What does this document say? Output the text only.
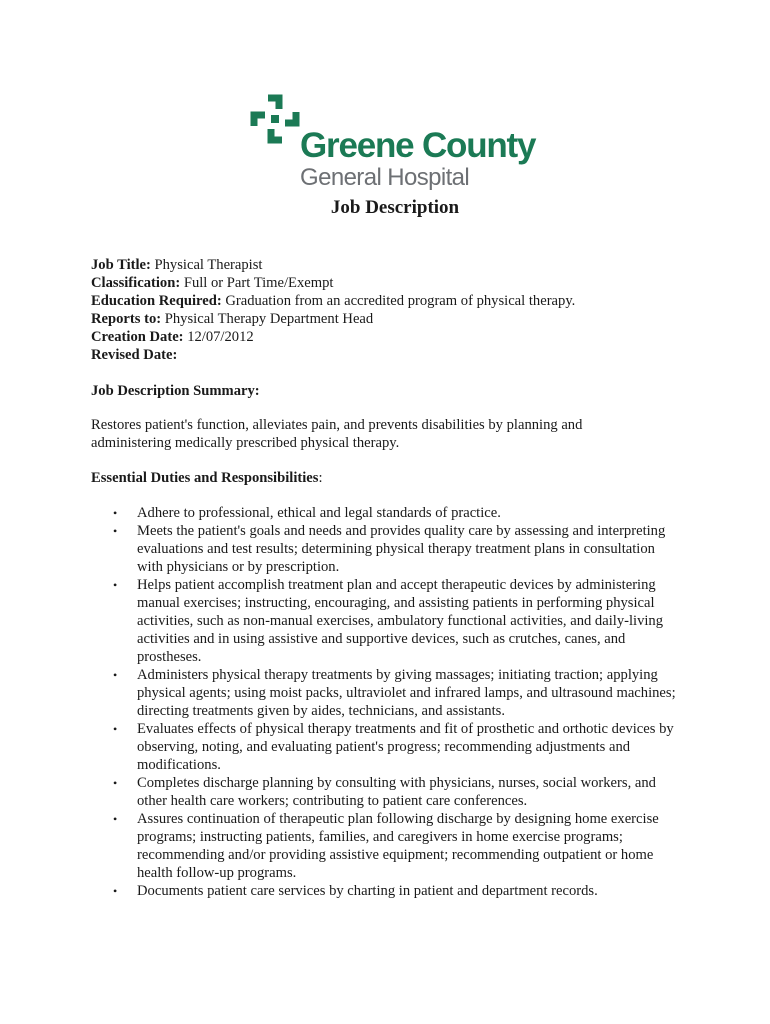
Greene County
General Hospital
Job Description
Job Title: Physical Therapist
Classification: Full or Part Time/Exempt
Education Required: Graduation from an accredited program of physical therapy.
Reports to: Physical Therapy Department Head
Creation Date: 12/07/2012
Revised Date:
Job Description Summary:
Restores patient's function, alleviates pain, and prevents disabilities by planning and administering medically prescribed physical therapy.
Essential Duties and Responsibilities:
• Adhere to professional, ethical and legal standards of practice.
• Meets the patient's goals and needs and provides quality care by assessing and interpreting evaluations and test results; determining physical therapy treatment plans in consultation with physicians or by prescription.
• Helps patient accomplish treatment plan and accept therapeutic devices by administering manual exercises; instructing, encouraging, and assisting patients in performing physical activities, such as non-manual exercises, ambulatory functional activities, and daily-living activities and in using assistive and supportive devices, such as crutches, canes, and prostheses.
• Administers physical therapy treatments by giving massages; initiating traction; applying physical agents; using moist packs, ultraviolet and infrared lamps, and ultrasound machines; directing treatments given by aides, technicians, and assistants.
• Evaluates effects of physical therapy treatments and fit of prosthetic and orthotic devices by observing, noting, and evaluating patient's progress; recommending adjustments and modifications.
• Completes discharge planning by consulting with physicians, nurses, social workers, and other health care workers; contributing to patient care conferences.
• Assures continuation of therapeutic plan following discharge by designing home exercise programs; instructing patients, families, and caregivers in home exercise programs; recommending and/or providing assistive equipment; recommending outpatient or home health follow-up programs.
• Documents patient care services by charting in patient and department records.
